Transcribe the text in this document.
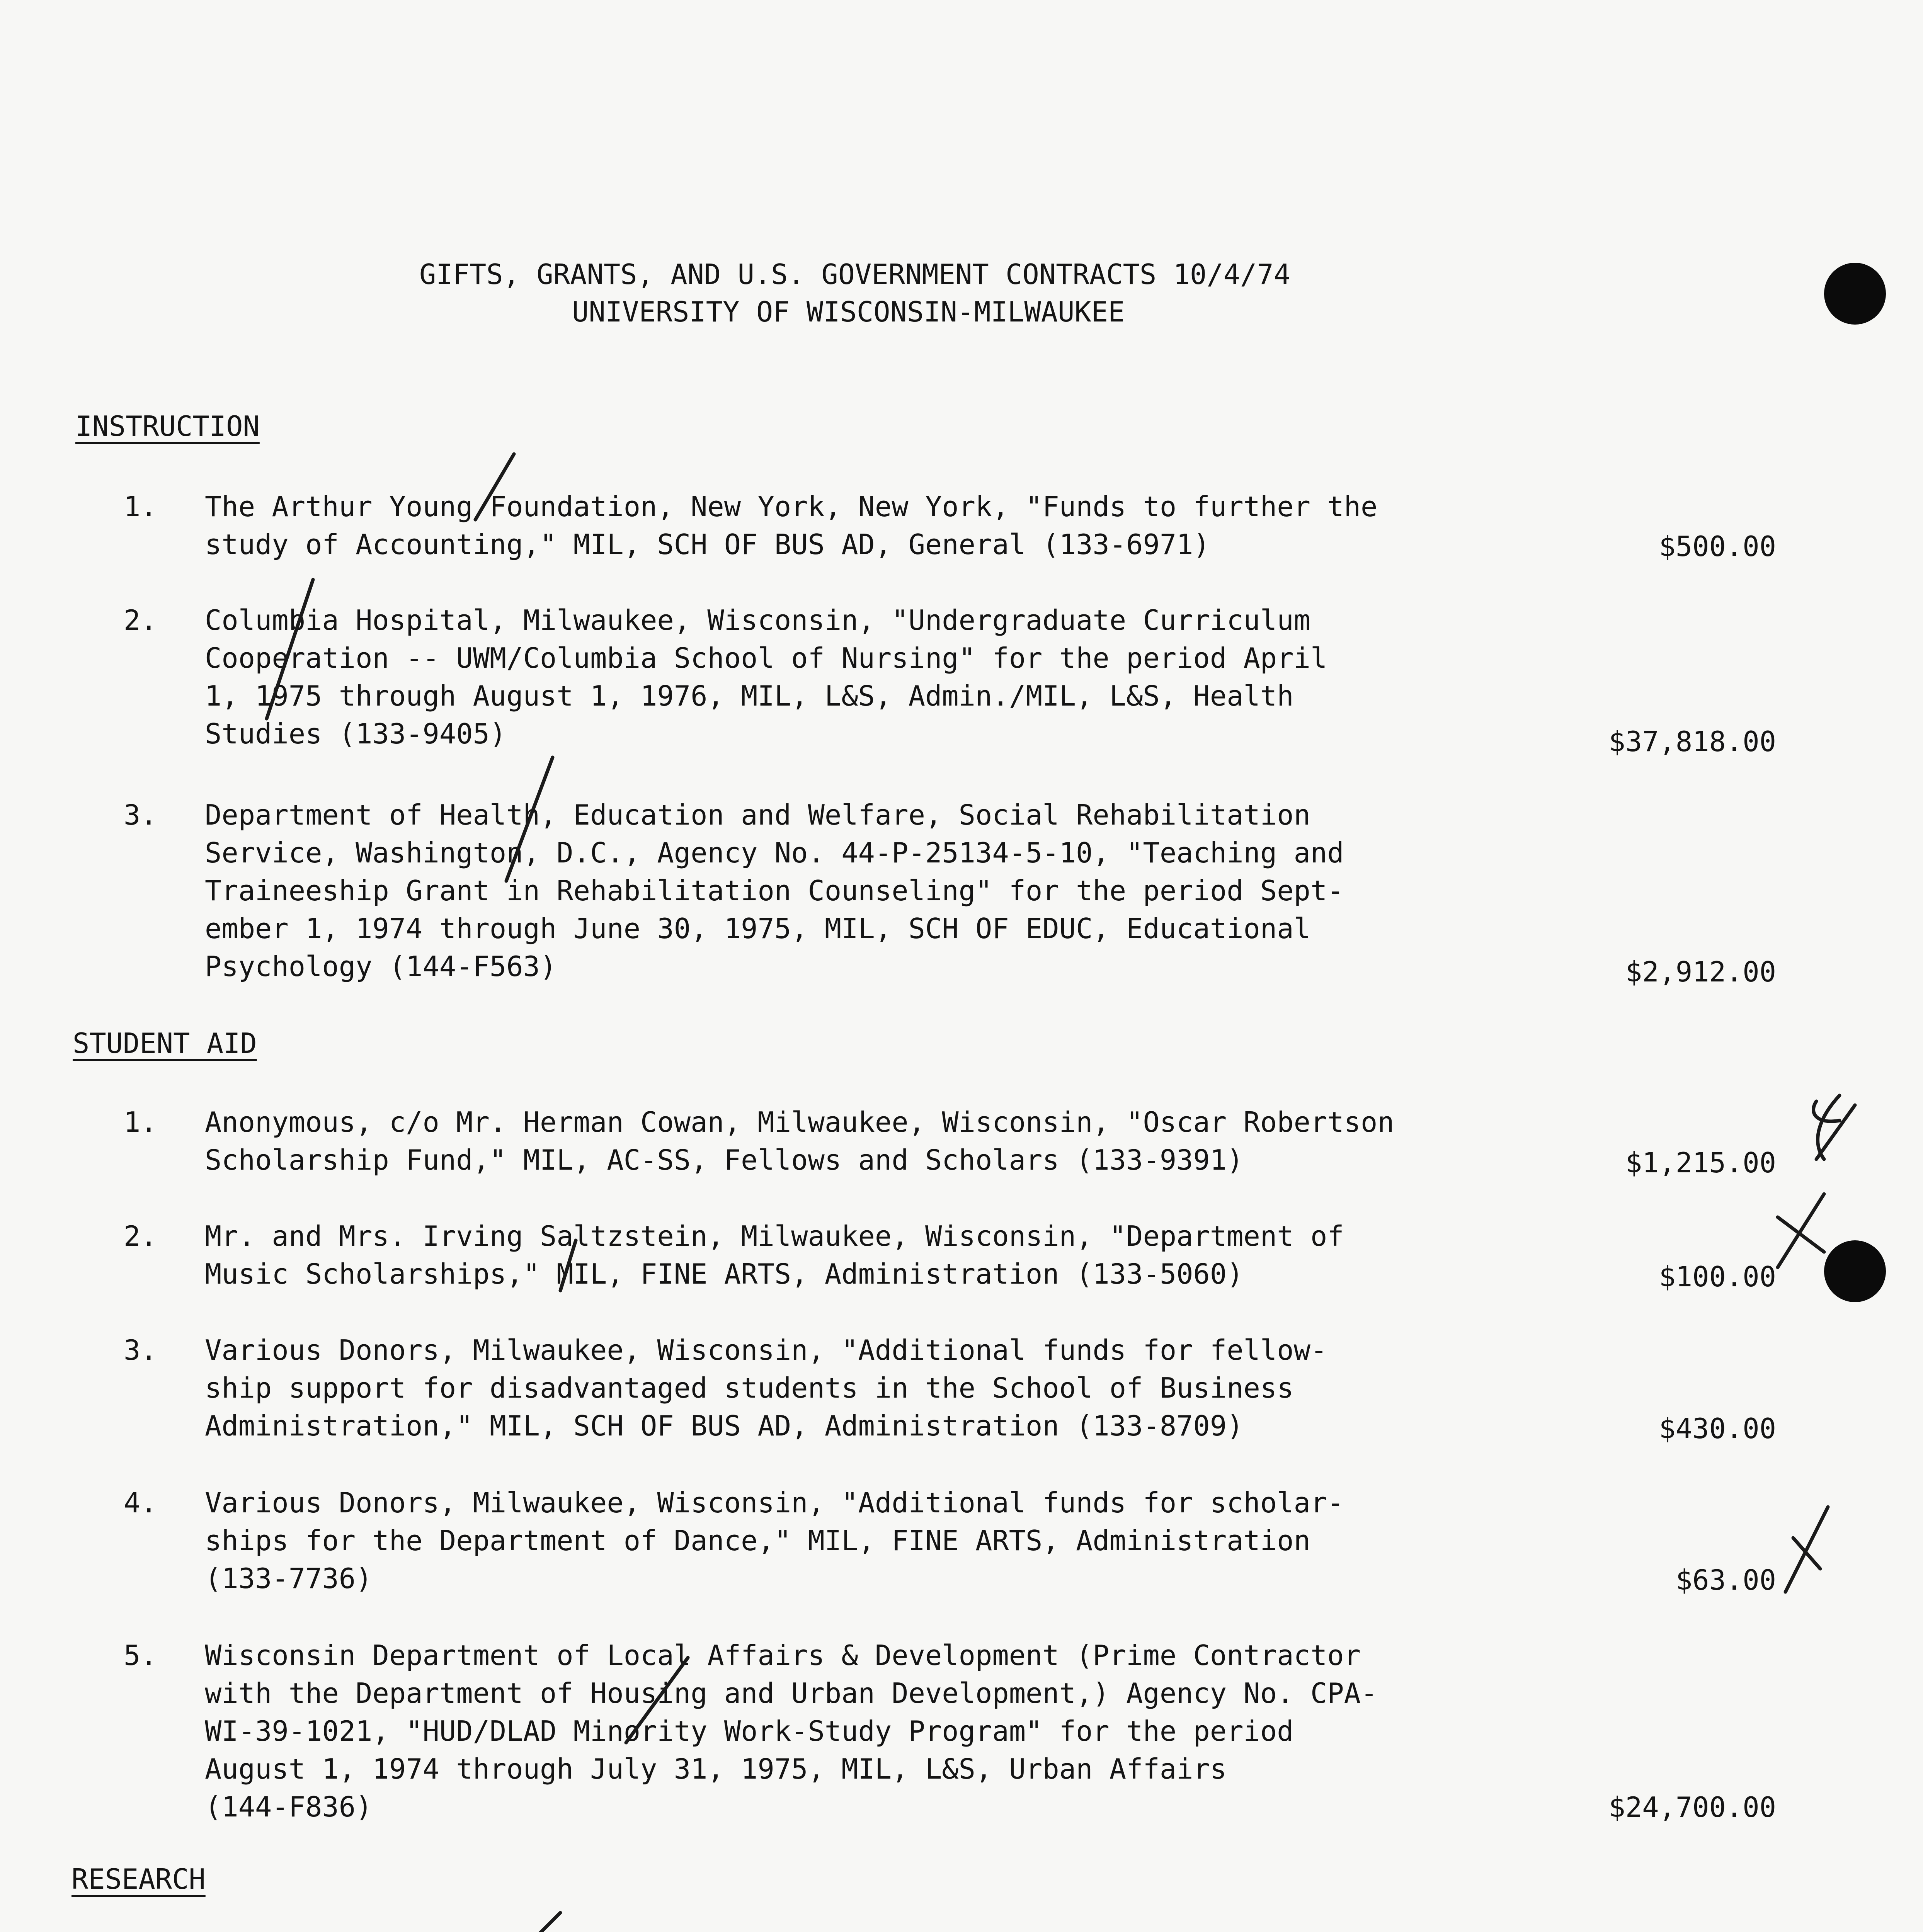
GIFTS, GRANTS, AND U.S. GOVERNMENT CONTRACTS 10/4/74
UNIVERSITY OF WISCONSIN-MILWAUKEE
INSTRUCTION
1.	The Arthur Young Foundation, New York, New York, "Funds to further the
study of Accounting," MIL, SCH OF BUS AD, General (133-6971)	$500.00
2.	Columbia Hospital, Milwaukee, Wisconsin, "Undergraduate Curriculum
Cooperation -- UWM/Columbia School of Nursing" for the period April
1, 1975 through August 1, 1976, MIL, L&S, Admin./MIL, L&S, Health
Studies (133-9405)	$37,818.00
3.	Department of Health, Education and Welfare, Social Rehabilitation
Service, Washington, D.C., Agency No. 44-P-25134-5-10, "Teaching and
Traineeship Grant in Rehabilitation Counseling" for the period Sept-
ember 1, 1974 through June 30, 1975, MIL, SCH OF EDUC, Educational
Psychology (144-F563)	$2,912.00
STUDENT AID
1.	Anonymous, c/o Mr. Herman Cowan, Milwaukee, Wisconsin, "Oscar Robertson
Scholarship Fund," MIL, AC-SS, Fellows and Scholars (133-9391)	$1,215.00
2.	Mr. and Mrs. Irving Saltzstein, Milwaukee, Wisconsin, "Department of
Music Scholarships," MIL, FINE ARTS, Administration (133-5060)	$100.00
3.	Various Donors, Milwaukee, Wisconsin, "Additional funds for fellow-
ship support for disadvantaged students in the School of Business
Administration," MIL, SCH OF BUS AD, Administration (133-8709)	$430.00
4.	Various Donors, Milwaukee, Wisconsin, "Additional funds for scholar-
ships for the Department of Dance," MIL, FINE ARTS, Administration
(133-7736)	$63.00
5.	Wisconsin Department of Local Affairs & Development (Prime Contractor
with the Department of Housing and Urban Development,) Agency No. CPA-
WI-39-1021, "HUD/DLAD Minority Work-Study Program" for the period
August 1, 1974 through July 31, 1975, MIL, L&S, Urban Affairs
(144-F836)	$24,700.00
RESEARCH
